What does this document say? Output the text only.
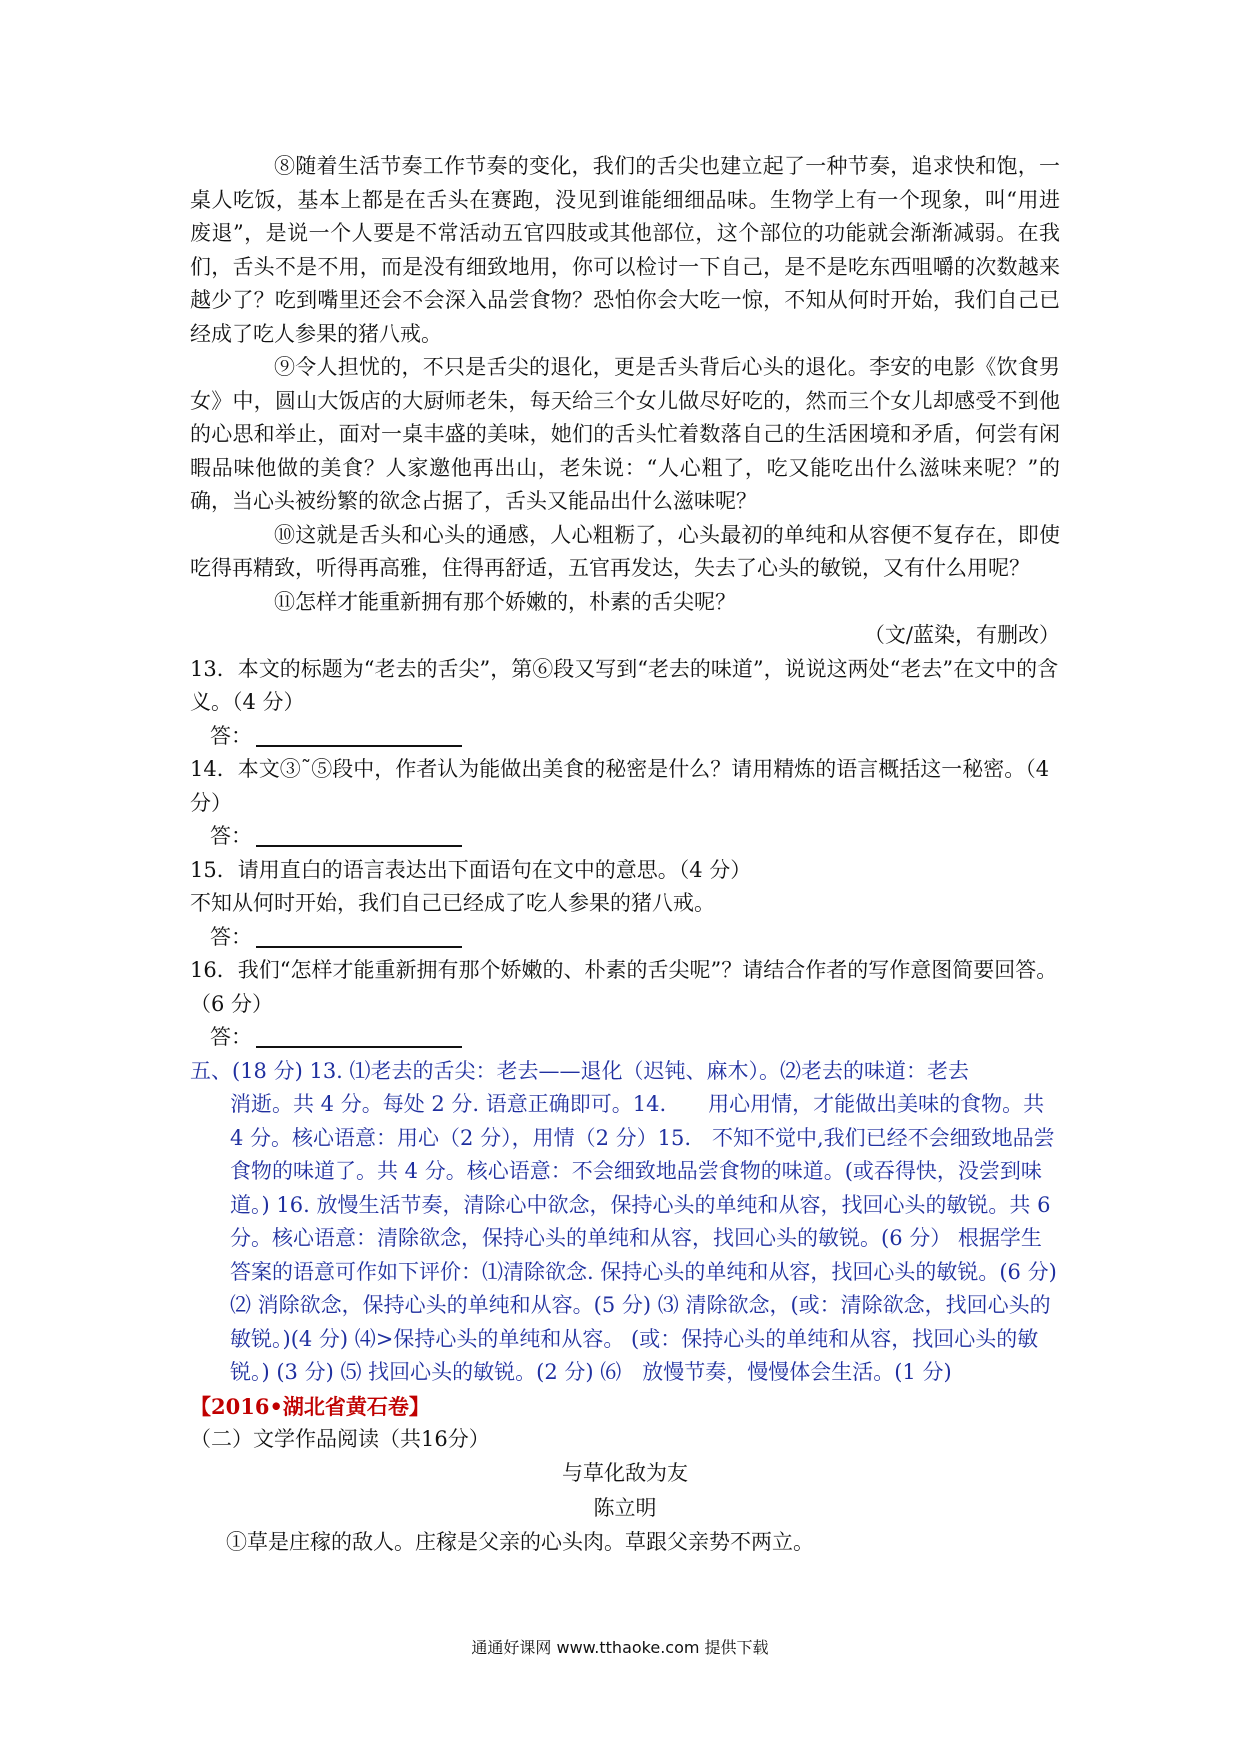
⑧随着生活节奏工作节奏的变化，我们的舌尖也建立起了一种节奏，追求快和饱，一桌人吃饭，基本上都是在舌头在赛跑，没见到谁能细细品味。生物学上有一个现象，叫“用进废退”，是说一个人要是不常活动五官四肢或其他部位，这个部位的功能就会渐渐减弱。在我们，舌头不是不用，而是没有细致地用，你可以检讨一下自己，是不是吃东西咀嚼的次数越来越少了？吃到嘴里还会不会深入品尝食物？恐怕你会大吃一惊，不知从何时开始，我们自己已经成了吃人参果的猪八戒。

⑨令人担忧的，不只是舌尖的退化，更是舌头背后心头的退化。李安的电影《饮食男女》中，圆山大饭店的大厨师老朱，每天给三个女儿做尽好吃的，然而三个女儿却感受不到他的心思和举止，面对一桌丰盛的美味，她们的舌头忙着数落自己的生活困境和矛盾，何尝有闲暇品味他做的美食？人家邀他再出山，老朱说：“人心粗了，吃又能吃出什么滋味来呢？”的确，当心头被纷繁的欲念占据了，舌头又能品出什么滋味呢？

⑩这就是舌头和心头的通感，人心粗粝了，心头最初的单纯和从容便不复存在，即使吃得再精致，听得再高雅，住得再舒适，五官再发达，失去了心头的敏锐，又有什么用呢？

⑪怎样才能重新拥有那个娇嫩的，朴素的舌尖呢？

（文/蓝染，有删改）

13．本文的标题为“老去的舌尖”，第⑥段又写到“老去的味道”，说说这两处“老去”在文中的含义。（4 分）

答：

14．本文③˜⑤段中，作者认为能做出美食的秘密是什么？请用精炼的语言概括这一秘密。（4 分）

答：

15．请用直白的语言表达出下面语句在文中的意思。（4 分）

不知从何时开始，我们自己已经成了吃人参果的猪八戒。

答：

16．我们“怎样才能重新拥有那个娇嫩的、朴素的舌尖呢”？请结合作者的写作意图简要回答。（6 分）

答：

五、(18 分) 13. ⑴老去的舌尖：老去——退化（迟钝、麻木）。⑵老去的味道：老去
消逝。共 4 分。每处 2 分. 语意正确即可。14.　　用心用情，才能做出美味的食物。共 4 分。核心语意：用心（2 分），用情（2 分）15.　不知不觉中,我们已经不会细致地品尝食物的味道了。共 4 分。核心语意：不会细致地品尝食物的味道。(或吞得快，没尝到味道。) 16. 放慢生活节奏，清除心中欲念，保持心头的单纯和从容，找回心头的敏锐。共 6 分。核心语意：清除欲念，保持心头的单纯和从容，找回心头的敏锐。(6 分） 根据学生答案的语意可作如下评价：⑴清除欲念. 保持心头的单纯和从容，找回心头的敏锐。(6 分) ⑵ 消除欲念，保持心头的单纯和从容。(5 分) ⑶ 清除欲念，(或：清除欲念，找回心头的敏锐。)(4 分) ⑷>保持心头的单纯和从容。 (或：保持心头的单纯和从容，找回心头的敏锐。) (3 分) ⑸ 找回心头的敏锐。(2 分) ⑹　放慢节奏，慢慢体会生活。(1 分)

【2016•湖北省黄石卷】

（二）文学作品阅读（共16分）

与草化敌为友

陈立明

①草是庄稼的敌人。庄稼是父亲的心头肉。草跟父亲势不两立。

通通好课网 www.tthaoke.com 提供下载
